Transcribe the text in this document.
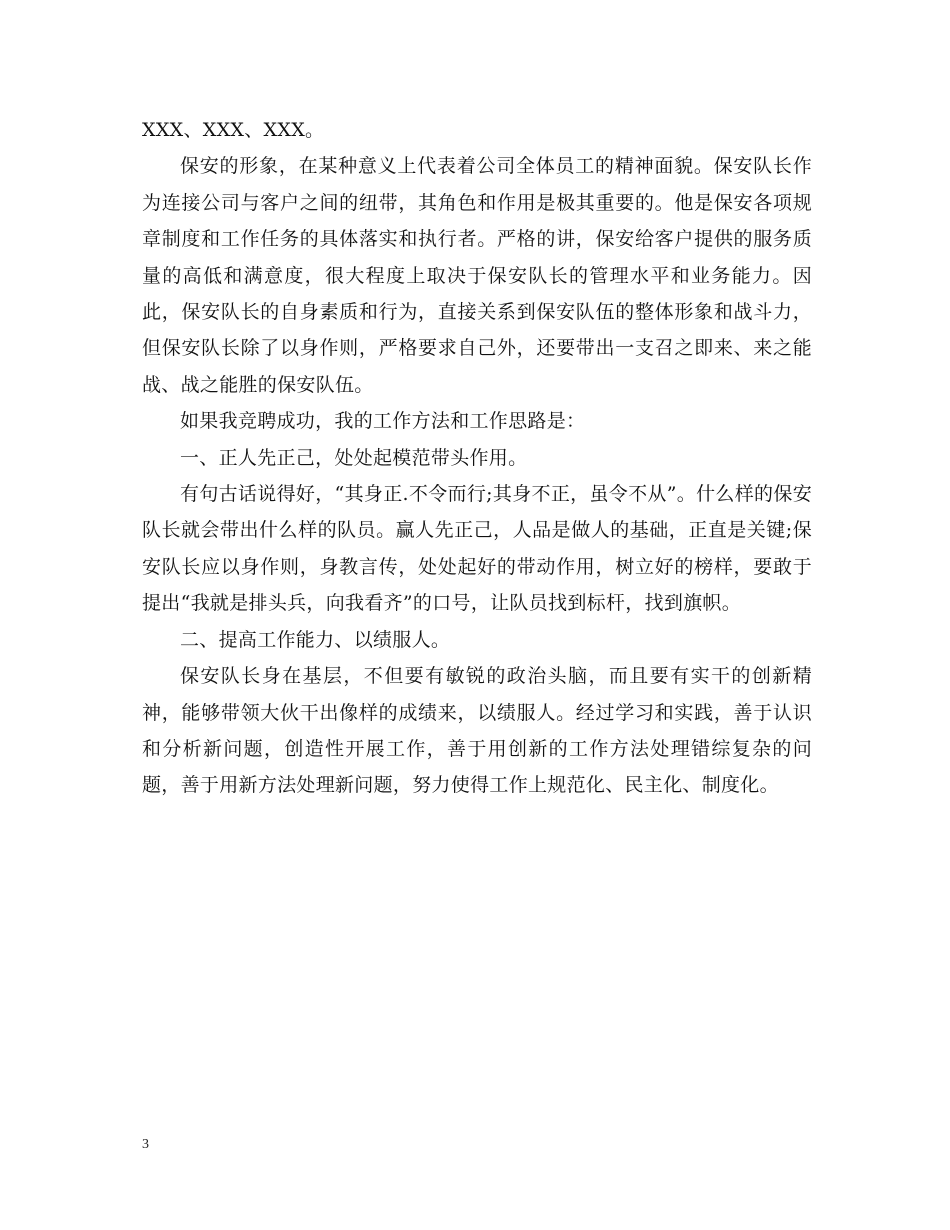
XXX、XXX、XXX。

保安的形象，在某种意义上代表着公司全体员工的精神面貌。保安队长作为连接公司与客户之间的纽带，其角色和作用是极其重要的。他是保安各项规章制度和工作任务的具体落实和执行者。严格的讲，保安给客户提供的服务质量的高低和满意度，很大程度上取决于保安队长的管理水平和业务能力。因此，保安队长的自身素质和行为，直接关系到保安队伍的整体形象和战斗力，但保安队长除了以身作则，严格要求自己外，还要带出一支召之即来、来之能战、战之能胜的保安队伍。

如果我竞聘成功，我的工作方法和工作思路是：

一、正人先正己，处处起模范带头作用。

有句古话说得好，“其身正.不令而行;其身不正，虽令不从”。什么样的保安队长就会带出什么样的队员。赢人先正己，人品是做人的基础，正直是关键;保安队长应以身作则，身教言传，处处起好的带动作用，树立好的榜样，要敢于提出“我就是排头兵，向我看齐”的口号，让队员找到标杆，找到旗帜。

二、提高工作能力、以绩服人。

保安队长身在基层，不但要有敏锐的政治头脑，而且要有实干的创新精神，能够带领大伙干出像样的成绩来，以绩服人。经过学习和实践，善于认识和分析新问题，创造性开展工作，善于用创新的工作方法处理错综复杂的问题，善于用新方法处理新问题，努力使得工作上规范化、民主化、制度化。

3
